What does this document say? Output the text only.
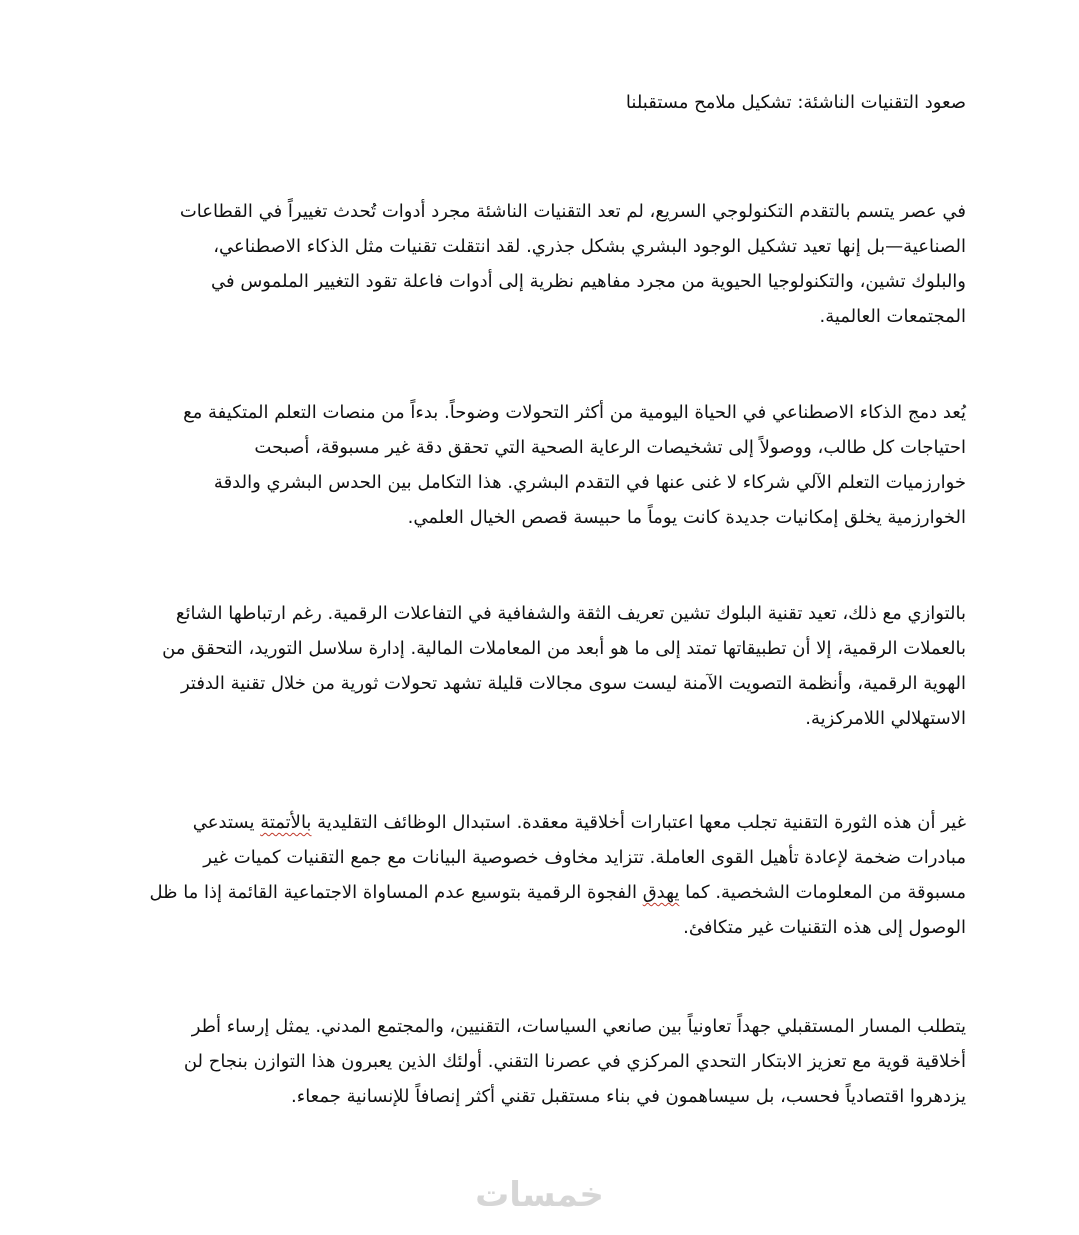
صعود التقنيات الناشئة: تشكيل ملامح مستقبلنا
في عصر يتسم بالتقدم التكنولوجي السريع، لم تعد التقنيات الناشئة مجرد أدوات تُحدث تغييراً في القطاعات
الصناعية—بل إنها تعيد تشكيل الوجود البشري بشكل جذري. لقد انتقلت تقنيات مثل الذكاء الاصطناعي،
والبلوك تشين، والتكنولوجيا الحيوية من مجرد مفاهيم نظرية إلى أدوات فاعلة تقود التغيير الملموس في
المجتمعات العالمية.
يُعد دمج الذكاء الاصطناعي في الحياة اليومية من أكثر التحولات وضوحاً. بدءاً من منصات التعلم المتكيفة مع
احتياجات كل طالب، ووصولاً إلى تشخيصات الرعاية الصحية التي تحقق دقة غير مسبوقة، أصبحت
خوارزميات التعلم الآلي شركاء لا غنى عنها في التقدم البشري. هذا التكامل بين الحدس البشري والدقة
الخوارزمية يخلق إمكانيات جديدة كانت يوماً ما حبيسة قصص الخيال العلمي.
بالتوازي مع ذلك، تعيد تقنية البلوك تشين تعريف الثقة والشفافية في التفاعلات الرقمية. رغم ارتباطها الشائع
بالعملات الرقمية، إلا أن تطبيقاتها تمتد إلى ما هو أبعد من المعاملات المالية. إدارة سلاسل التوريد، التحقق من
الهوية الرقمية، وأنظمة التصويت الآمنة ليست سوى مجالات قليلة تشهد تحولات ثورية من خلال تقنية الدفتر
الاستهلالي اللامركزية.
غير أن هذه الثورة التقنية تجلب معها اعتبارات أخلاقية معقدة. استبدال الوظائف التقليدية بالأتمتة يستدعي
مبادرات ضخمة لإعادة تأهيل القوى العاملة. تتزايد مخاوف خصوصية البيانات مع جمع التقنيات كميات غير
مسبوقة من المعلومات الشخصية. كما يهدق الفجوة الرقمية بتوسيع عدم المساواة الاجتماعية القائمة إذا ما ظل
الوصول إلى هذه التقنيات غير متكافئ.
يتطلب المسار المستقبلي جهداً تعاونياً بين صانعي السياسات، التقنيين، والمجتمع المدني. يمثل إرساء أطر
أخلاقية قوية مع تعزيز الابتكار التحدي المركزي في عصرنا التقني. أولئك الذين يعبرون هذا التوازن بنجاح لن
يزدهروا اقتصادياً فحسب، بل سيساهمون في بناء مستقبل تقني أكثر إنصافاً للإنسانية جمعاء.
خمسات
